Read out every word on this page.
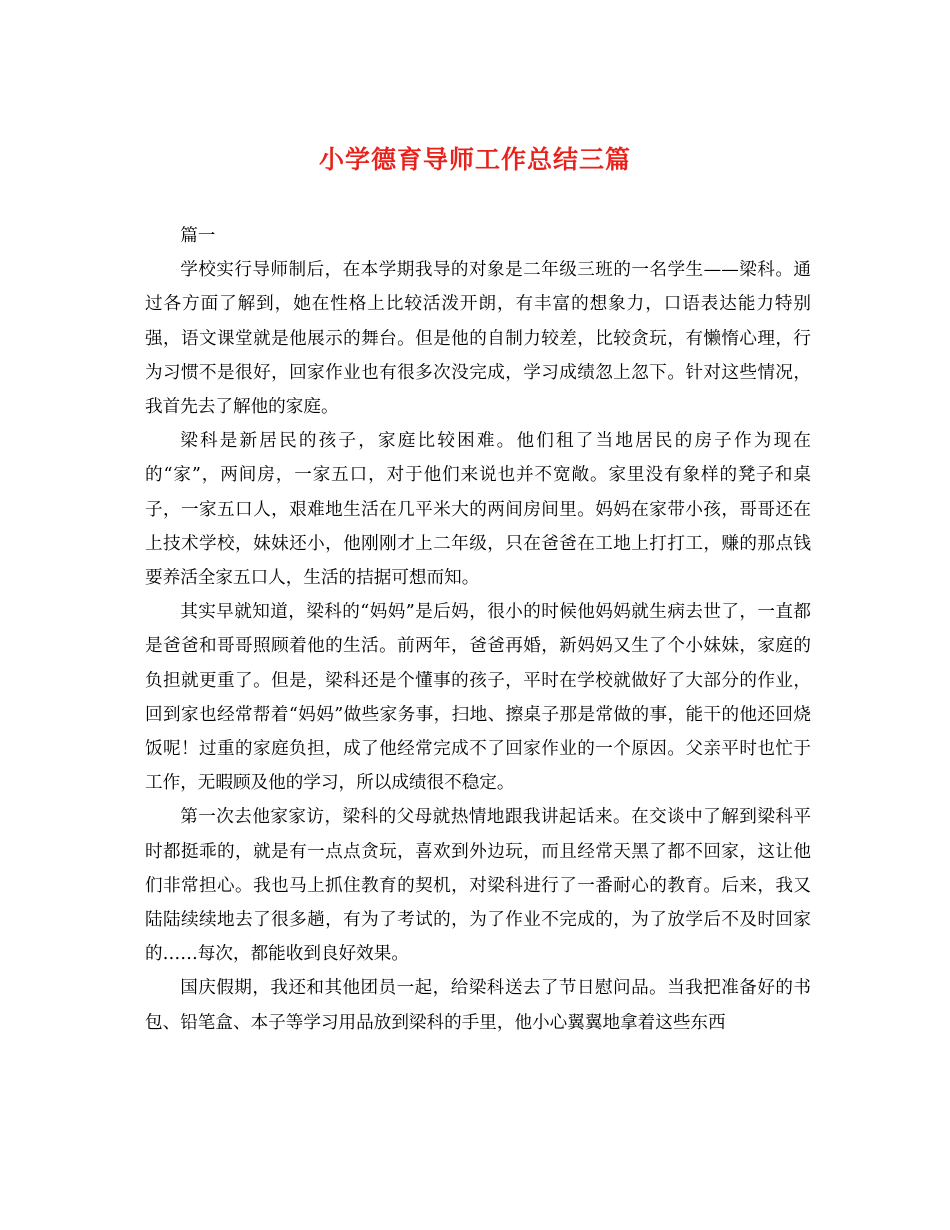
小学德育导师工作总结三篇

篇一

学校实行导师制后，在本学期我导的对象是二年级三班的一名学生——梁科。通过各方面了解到，她在性格上比较活泼开朗，有丰富的想象力，口语表达能力特别强，语文课堂就是他展示的舞台。但是他的自制力较差，比较贪玩，有懒惰心理，行为习惯不是很好，回家作业也有很多次没完成，学习成绩忽上忽下。针对这些情况，我首先去了解他的家庭。

梁科是新居民的孩子，家庭比较困难。他们租了当地居民的房子作为现在的“家”，两间房，一家五口，对于他们来说也并不宽敞。家里没有象样的凳子和桌子，一家五口人，艰难地生活在几平米大的两间房间里。妈妈在家带小孩，哥哥还在上技术学校，妹妹还小，他刚刚才上二年级，只在爸爸在工地上打打工，赚的那点钱要养活全家五口人，生活的拮据可想而知。

其实早就知道，梁科的“妈妈”是后妈，很小的时候他妈妈就生病去世了，一直都是爸爸和哥哥照顾着他的生活。前两年，爸爸再婚，新妈妈又生了个小妹妹，家庭的负担就更重了。但是，梁科还是个懂事的孩子，平时在学校就做好了大部分的作业，回到家也经常帮着“妈妈”做些家务事，扫地、擦桌子那是常做的事，能干的他还回烧饭呢！过重的家庭负担，成了他经常完成不了回家作业的一个原因。父亲平时也忙于工作，无暇顾及他的学习，所以成绩很不稳定。

第一次去他家家访，梁科的父母就热情地跟我讲起话来。在交谈中了解到梁科平时都挺乖的，就是有一点点贪玩，喜欢到外边玩，而且经常天黑了都不回家，这让他们非常担心。我也马上抓住教育的契机，对梁科进行了一番耐心的教育。后来，我又陆陆续续地去了很多趟，有为了考试的，为了作业不完成的，为了放学后不及时回家的……每次，都能收到良好效果。

国庆假期，我还和其他团员一起，给梁科送去了节日慰问品。当我把准备好的书包、铅笔盒、本子等学习用品放到梁科的手里，他小心翼翼地拿着这些东西
